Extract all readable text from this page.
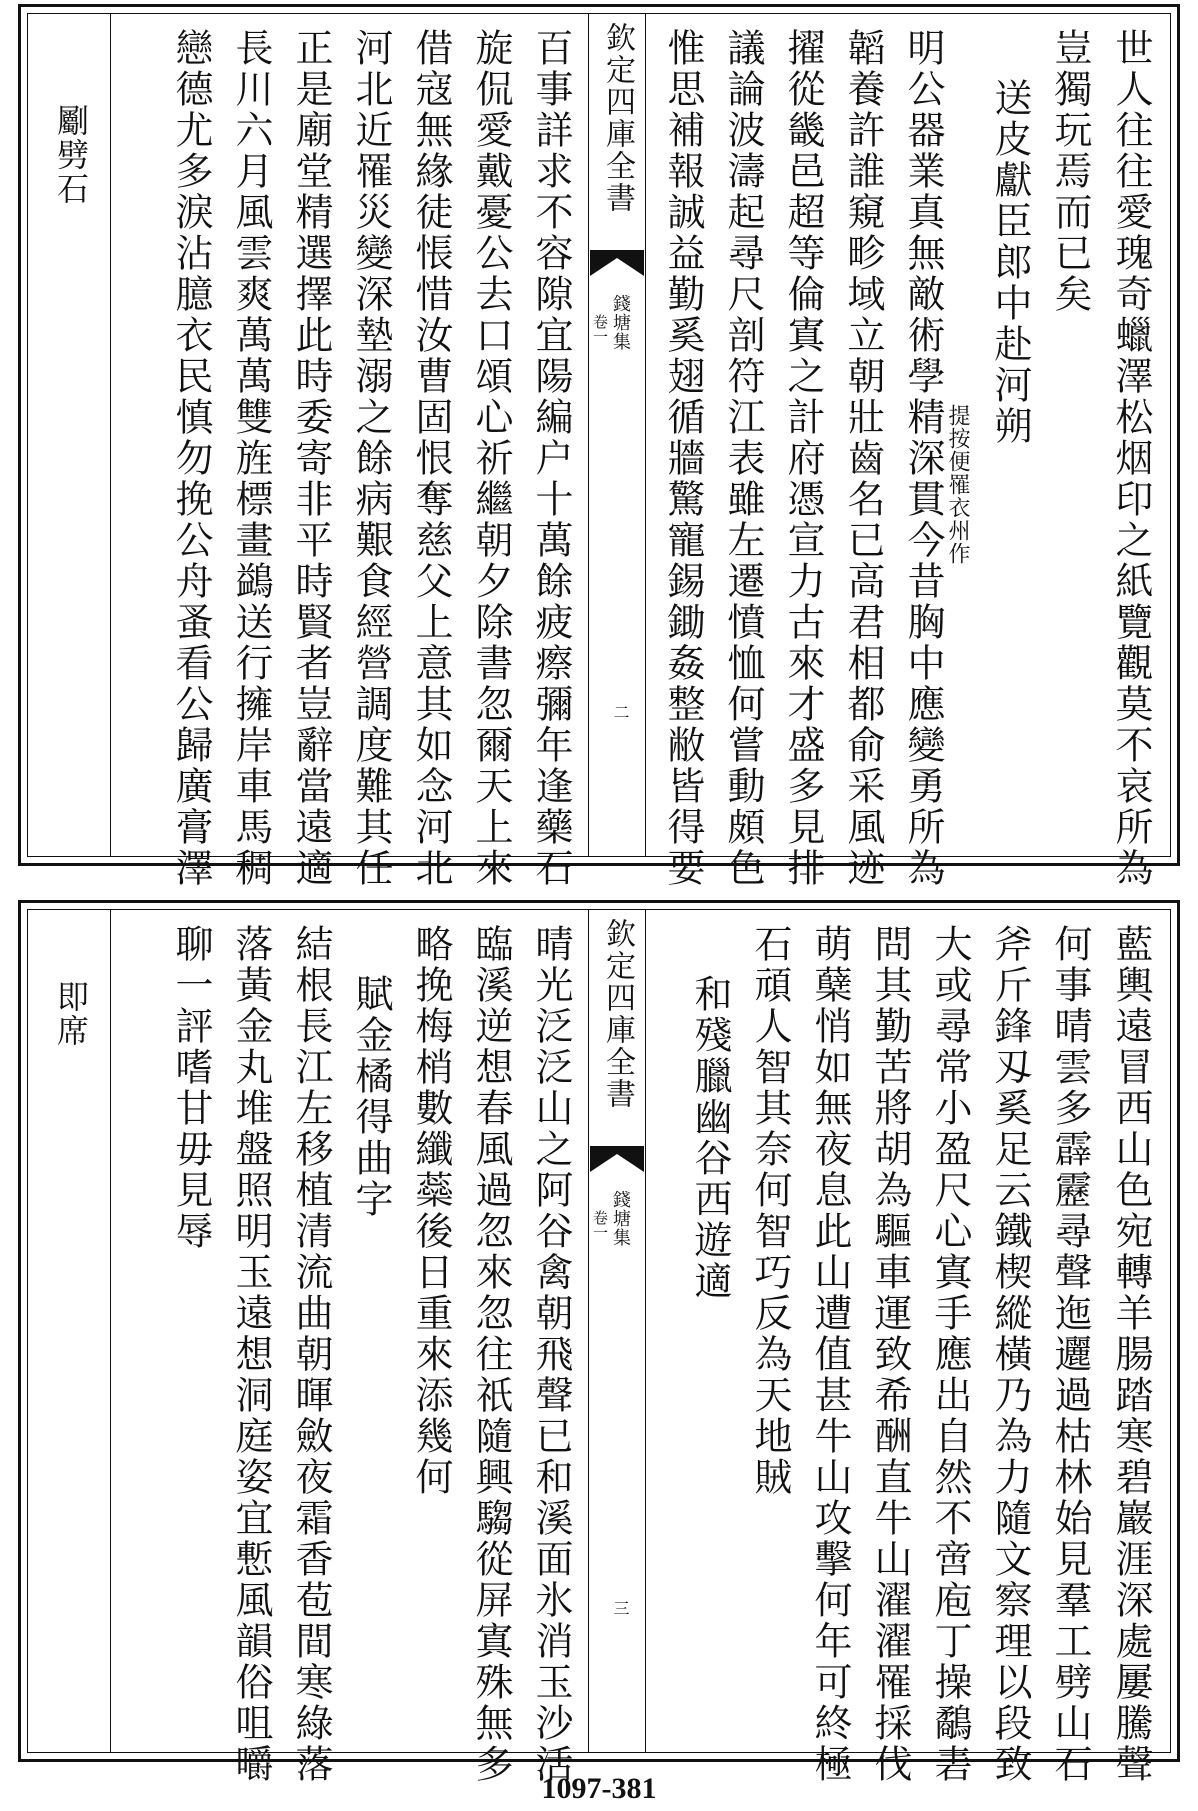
世人往往愛瑰奇蠟澤松烟印之紙覽觀莫不哀所為
豈獨玩焉而已矣
送皮獻臣郎中赴河朔
提按便罹衣州作
明公器業真無敵術學精深貫今昔胸中應變勇所為
韜養許誰窺畛域立朝壯齒名已高君相都俞采風迹
擢從畿邑超等倫寘之計府憑宣力古來才盛多見排
議論波濤起尋尺剖符江表雖左遷憤恤何嘗動頗色
惟思補報誠益勤奚翅循牆驚寵錫鋤姦整敝皆得要
欽定四庫全書
錢塘集
卷一
二
百事詳求不容隙宜陽編户十萬餘疲瘵彌年逢藥石
旋侃愛戴憂公去口頌心祈繼朝夕除書忽爾天上來
借寇無緣徒悵惜汝曹固恨奪慈父上意其如念河北
河北近罹災變深墊溺之餘病艱食經營調度難其任
正是廟堂精選擇此時委寄非平時賢者豈辭當遠適
長川六月風雲爽萬萬雙旌標畫鷁送行擁岸車馬稠
戀德尤多淚沾臆衣民慎勿挽公舟蚤看公歸廣膏澤
劚劈石
藍輿遠冒西山色宛轉羊腸踏寒碧巖涯深處屢騰聲
何事晴雲多霹靂尋聲迤邐過枯林始見羣工劈山石
斧斤鋒刄奚足云鐵楔縱橫乃為力隨文察理以段致
大或尋常小盈尺心寘手應出自然不啻庖丁操鷸砉
問其勤苦將胡為驅車運致希酬直牛山濯濯罹採伐
萌蘖悄如無夜息此山遭值甚牛山攻擊何年可終極
石頑人智其奈何智巧反為天地賊
和殘臘幽谷西遊適
欽定四庫全書
錢塘集
卷一
三
晴光泛泛山之阿谷禽朝飛聲已和溪面氷消玉沙活
臨溪逆想春風過忽來忽往祇隨興騶從屏寘殊無多
略挽梅梢數纖蘂後日重來添幾何
賦金橘得曲字
結根長江左移植清流曲朝暉斂夜霜香苞間寒綠落
落黃金丸堆盤照明玉遠想洞庭姿宜慙風韻俗咀嚼
聊一評嗜甘毋見辱
即席
1097-381
